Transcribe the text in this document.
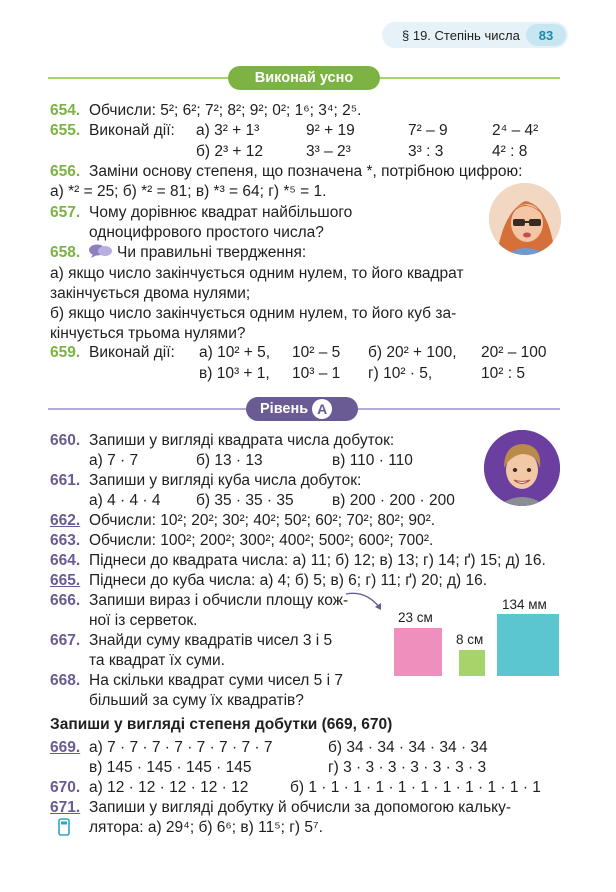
§ 19. Степінь числа	83
Виконай усно
654. Обчисли: 5²; 6²; 7²; 8²; 9²; 0²; 1⁶; 3⁴; 2⁵.
655. Виконай дії: а) 3² + 1³	9² + 19	7² – 9	2⁴ – 4²
б) 2³ + 12	3³ – 2³	3³ : 3	4² : 8
656. Заміни основу степеня, що позначена *, потрібною цифрою:
а) *² = 25; б) *² = 81; в) *³ = 64; г) *⁵ = 1.
657. Чому дорівнює квадрат найбільшого
одноцифрового простого числа?
658. Чи правильні твердження:
а) якщо число закінчується одним нулем, то його квадрат
закінчується двома нулями;
б) якщо число закінчується одним нулем, то його куб за-
кінчується трьома нулями?
659. Виконай дії: а) 10² + 5, 10² – 5 б) 20² + 100, 20² – 100
в) 10³ + 1, 10³ – 1 г) 10² · 5,	10² : 5
Рівень А
660. Запиши у вигляді квадрата числа добуток:
а) 7 · 7	б) 13 · 13	в) 110 · 110
661. Запиши у вигляді куба числа добуток:
а) 4 · 4 · 4 б) 35 · 35 · 35 в) 200 · 200 · 200
662. Обчисли: 10²; 20²; 30²; 40²; 50²; 60²; 70²; 80²; 90².
663. Обчисли: 100²; 200²; 300²; 400²; 500²; 600²; 700².
664. Піднеси до квадрата числа: а) 11; б) 12; в) 13; г) 14; ґ) 15; д) 16.
665. Піднеси до куба числа: а) 4; б) 5; в) 6; г) 11; ґ) 20; д) 16.
666. Запиши вираз і обчисли площу кож-
ної із серветок.	23 см
8 см
134 мм
667. Знайди суму квадратів чисел 3 і 5
та квадрат їх суми.
668. На скільки квадрат суми чисел 5 і 7
більший за суму їх квадратів?
Запиши у вигляді степеня добутки (669, 670)
669. а) 7 · 7 · 7 · 7 · 7 · 7 · 7 · 7	б) 34 · 34 · 34 · 34 · 34
в) 145 · 145 · 145 · 145	г) 3 · 3 · 3 · 3 · 3 · 3 · 3
670. а) 12 · 12 · 12 · 12 · 12	б) 1 · 1 · 1 · 1 · 1 · 1 · 1 · 1 · 1 · 1 · 1
671. Запиши у вигляді добутку й обчисли за допомогою кальку-
лятора: а) 29⁴; б) 6⁶; в) 11⁵; г) 5⁷.
